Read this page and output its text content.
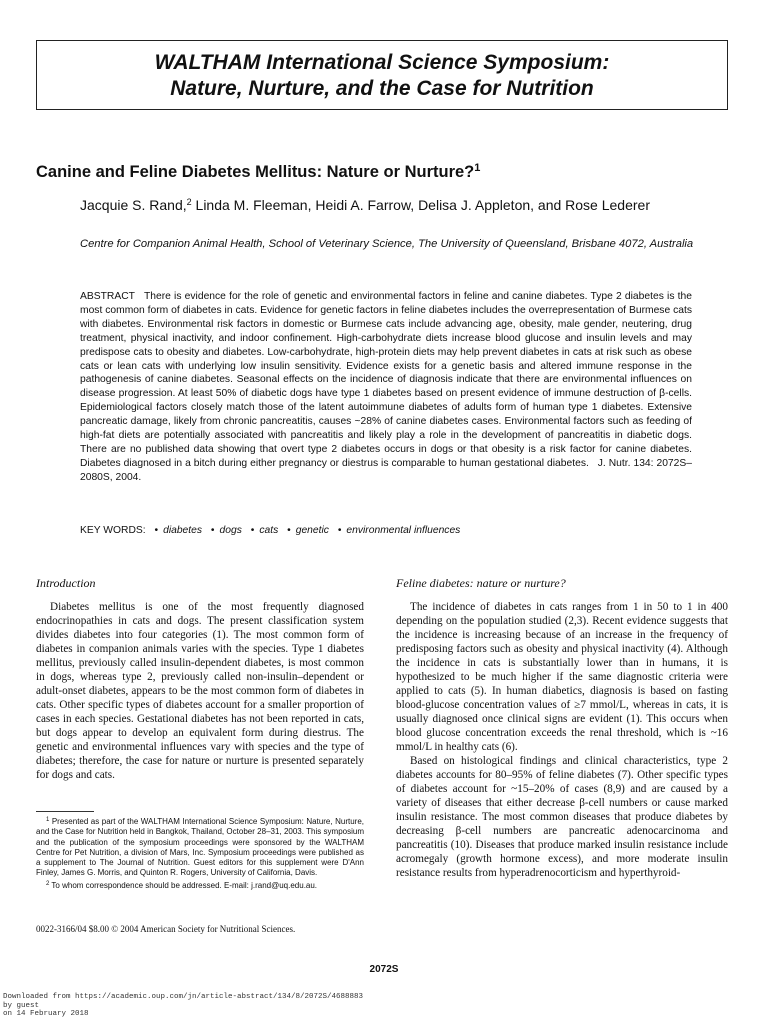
WALTHAM International Science Symposium:
Nature, Nurture, and the Case for Nutrition
Canine and Feline Diabetes Mellitus: Nature or Nurture?$^1$
Jacquie S. Rand,$^2$ Linda M. Fleeman, Heidi A. Farrow, Delisa J. Appleton, and Rose Lederer
Centre for Companion Animal Health, School of Veterinary Science, The University of Queensland, Brisbane 4072, Australia

ABSTRACT There is evidence for the role of genetic and environmental factors in feline and canine diabetes. Type 2 diabetes is the most common form of diabetes in cats. Evidence for genetic factors in feline diabetes includes the overrepresentation of Burmese cats with diabetes. Environmental risk factors in domestic or Burmese cats include advancing age, obesity, male gender, neutering, drug treatment, physical inactivity, and indoor confinement. High-carbohydrate diets increase blood glucose and insulin levels and may predispose cats to obesity and diabetes. Low-carbohydrate, high-protein diets may help prevent diabetes in cats at risk such as obese cats or lean cats with underlying low insulin sensitivity. Evidence exists for a genetic basis and altered immune response in the pathogenesis of canine diabetes. Seasonal effects on the incidence of diagnosis indicate that there are environmental influences on disease progression. At least 50% of diabetic dogs have type 1 diabetes based on present evidence of immune destruction of β-cells. Epidemiological factors closely match those of the latent autoimmune diabetes of adults form of human type 1 diabetes. Extensive pancreatic damage, likely from chronic pancreatitis, causes ~28% of canine diabetes cases. Environmental factors such as feeding of high-fat diets are potentially associated with pancreatitis and likely play a role in the development of pancreatitis in diabetic dogs. There are no published data showing that overt type 2 diabetes occurs in dogs or that obesity is a risk factor for canine diabetes. Diabetes diagnosed in a bitch during either pregnancy or diestrus is comparable to human gestational diabetes. J. Nutr. 134: 2072S–2080S, 2004.

KEY WORDS: • diabetes • dogs • cats • genetic • environmental influences
Introduction

Diabetes mellitus is one of the most frequently diagnosed endocrinopathies in cats and dogs. The present classification system divides diabetes into four categories (1). The most common form of diabetes in companion animals varies with the species. Type 1 diabetes mellitus, previously called insulin-dependent diabetes, is most common in dogs, whereas type 2, previously called non-insulin–dependent or adult-onset diabetes, appears to be the most common form of diabetes in cats. Other specific types of diabetes account for a smaller proportion of cases in each species. Gestational diabetes has not been reported in cats, but dogs appear to develop an equivalent form during diestrus. The genetic and environmental influences vary with species and the type of diabetes; therefore, the case for nature or nurture is presented separately for dogs and cats.

Feline diabetes: nature or nurture?

The incidence of diabetes in cats ranges from 1 in 50 to 1 in 400 depending on the population studied (2,3). Recent evidence suggests that the incidence is increasing because of an increase in the frequency of predisposing factors such as obesity and physical inactivity (4). Although the incidence in cats is substantially lower than in humans, it is hypothesized to be much higher if the same diagnostic criteria were applied to cats (5). In human diabetics, diagnosis is based on fasting blood-glucose concentration values of ≥7 mmol/L, whereas in cats, it is usually diagnosed once clinical signs are evident (1). This occurs when blood glucose concentration exceeds the renal threshold, which is ~16 mmol/L in healthy cats (6).

Based on histological findings and clinical characteristics, type 2 diabetes accounts for 80–95% of feline diabetes (7). Other specific types of diabetes account for ~15–20% of cases (8,9) and are caused by a variety of diseases that either decrease β-cell numbers or cause marked insulin resistance. The most common diseases that produce diabetes by decreasing β-cell numbers are pancreatic adenocarcinoma and pancreatitis (10). Diseases that produce marked insulin resistance include acromegaly (growth hormone excess), and more moderate insulin resistance results from hyperadrenocorticism and hyperthyroid-

$^1$ Presented as part of the WALTHAM International Science Symposium: Nature, Nurture, and the Case for Nutrition held in Bangkok, Thailand, October 28–31, 2003. This symposium and the publication of the symposium proceedings were sponsored by the WALTHAM Centre for Pet Nutrition, a division of Mars, Inc. Symposium proceedings were published as a supplement to The Journal of Nutrition. Guest editors for this supplement were D'Ann Finley, James G. Morris, and Quinton R. Rogers, University of California, Davis.

$^2$ To whom correspondence should be addressed. E-mail: j.rand@uq.edu.au.

0022-3166/04 $8.00 © 2004 American Society for Nutritional Sciences.
2072S
Downloaded from https://academic.oup.com/jn/article-abstract/134/8/2072S/4688883
by guest
on 14 February 2018
